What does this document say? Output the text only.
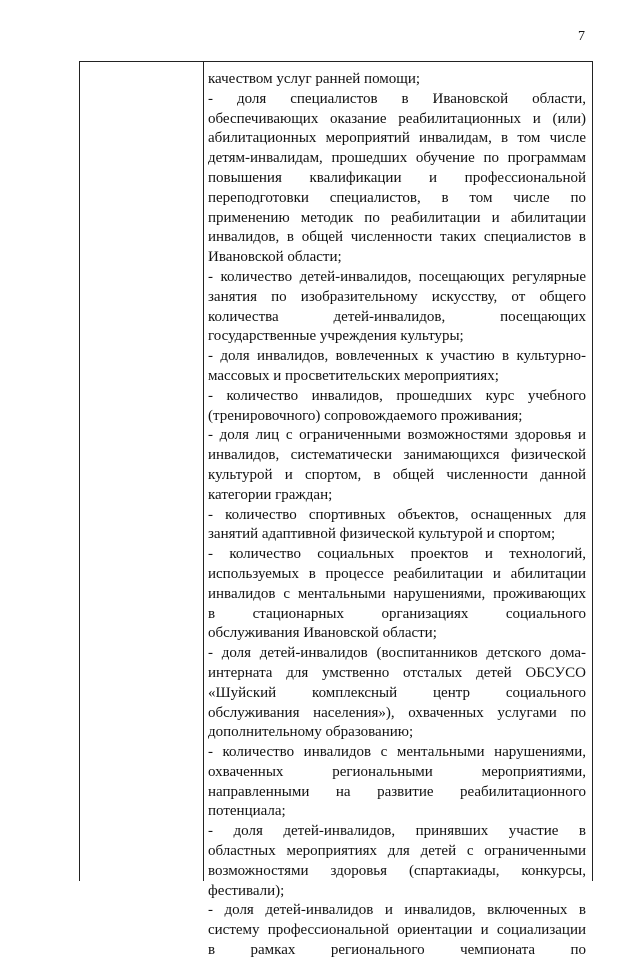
7
качеством услуг ранней помощи;
- доля специалистов в Ивановской области,
обеспечивающих оказание реабилитационных и (или)
абилитационных мероприятий инвалидам, в том числе
детям-инвалидам, прошедших обучение по программам
повышения квалификации и профессиональной
переподготовки специалистов, в том числе по
применению методик по реабилитации и абилитации
инвалидов, в общей численности таких специалистов в
Ивановской области;
- количество детей-инвалидов, посещающих регулярные
занятия по изобразительному искусству, от общего
количества детей-инвалидов, посещающих
государственные учреждения культуры;
- доля инвалидов, вовлеченных к участию в культурно-
массовых и просветительских мероприятиях;
- количество инвалидов, прошедших курс учебного
(тренировочного) сопровождаемого проживания;
- доля лиц с ограниченными возможностями здоровья и
инвалидов, систематически занимающихся физической
культурой и спортом, в общей численности данной
категории граждан;
- количество спортивных объектов, оснащенных для
занятий адаптивной физической культурой и спортом;
- количество социальных проектов и технологий,
используемых в процессе реабилитации и абилитации
инвалидов с ментальными нарушениями, проживающих
в стационарных организациях социального
обслуживания Ивановской области;
- доля детей-инвалидов (воспитанников детского дома-
интерната для умственно отсталых детей ОБСУСО
«Шуйский комплексный центр социального
обслуживания населения»), охваченных услугами по
дополнительному образованию;
- количество инвалидов с ментальными нарушениями,
охваченных региональными мероприятиями,
направленными на развитие реабилитационного
потенциала;
- доля детей-инвалидов, принявших участие в
областных мероприятиях для детей с ограниченными
возможностями здоровья (спартакиады, конкурсы,
фестивали);
- доля детей-инвалидов и инвалидов, включенных в
систему профессиональной ориентации и социализации
в рамках регионального чемпионата по
